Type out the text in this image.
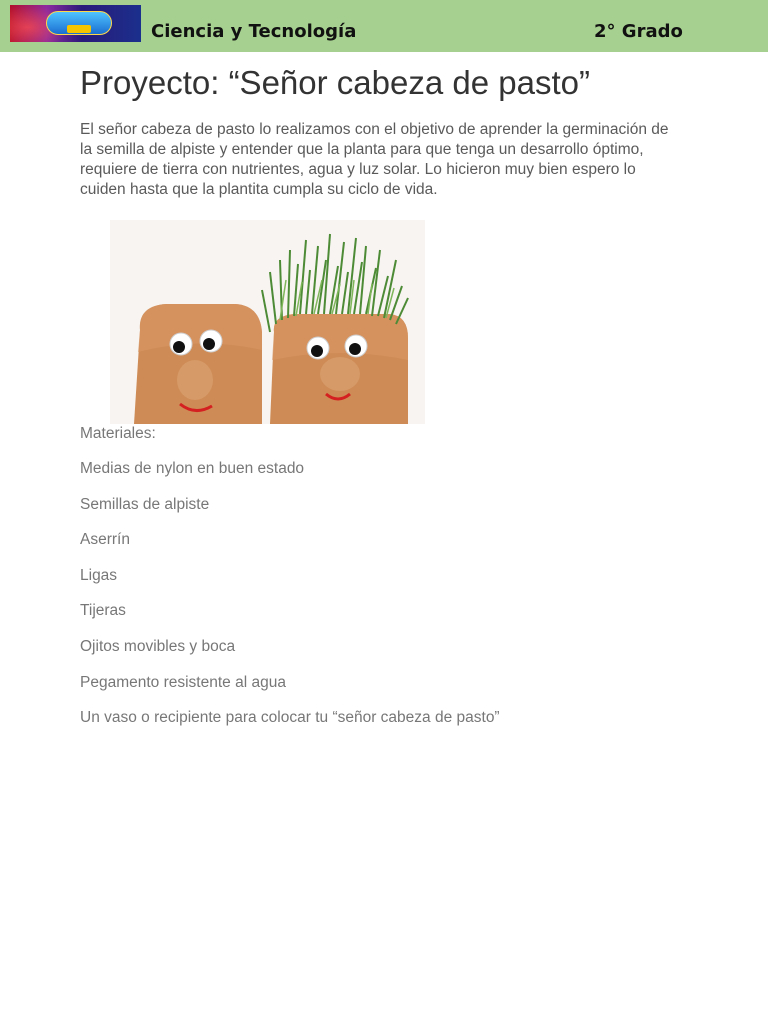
Ciencia y Tecnología	2° Grado
Proyecto: “Señor cabeza de pasto”

El señor cabeza de pasto lo realizamos con el objetivo de aprender la germinación de la semilla de alpiste y entender que la planta para que tenga un desarrollo óptimo, requiere de tierra con nutrientes, agua y luz solar. Lo hicieron muy bien espero lo cuiden hasta que la plantita cumpla su ciclo de vida.

Materiales:
Medias de nylon en buen estado
Semillas de alpiste
Aserrín
Ligas
Tijeras
Ojitos movibles y boca
Pegamento resistente al agua
Un vaso o recipiente para colocar tu “señor cabeza de pasto”
